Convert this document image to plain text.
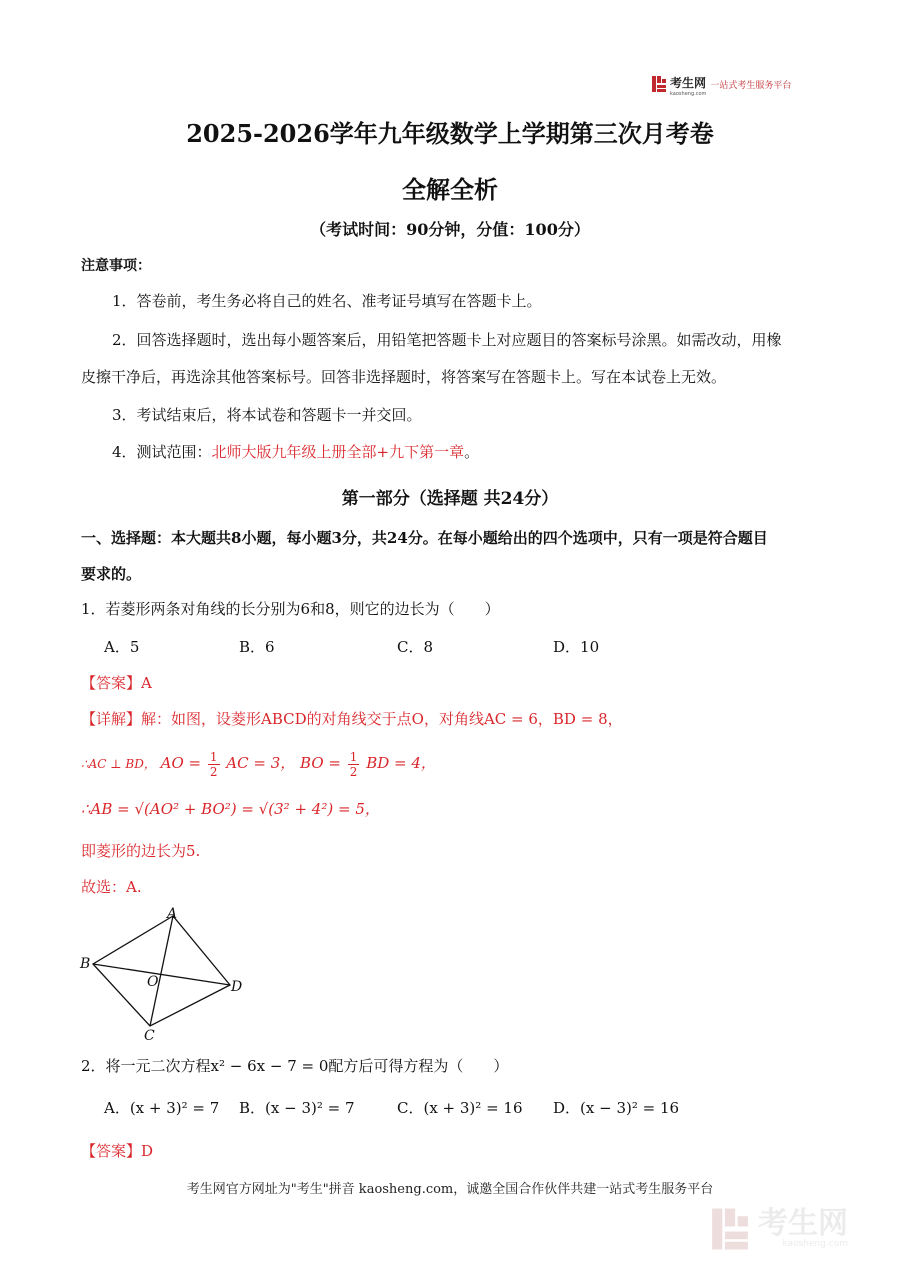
考生网
kaosheng.com
一站式考生服务平台
2025-2026学年九年级数学上学期第三次月考卷
全解全析
（考试时间：90分钟，分值：100分）
注意事项：
1．答卷前，考生务必将自己的姓名、准考证号填写在答题卡上。
2．回答选择题时，选出每小题答案后，用铅笔把答题卡上对应题目的答案标号涂黑。如需改动，用橡
皮擦干净后，再选涂其他答案标号。回答非选择题时，将答案写在答题卡上。写在本试卷上无效。
3．考试结束后，将本试卷和答题卡一并交回。
4．测试范围：北师大版九年级上册全部+九下第一章。
第一部分（选择题 共24分）
一、选择题：本大题共8小题，每小题3分，共24分。在每小题给出的四个选项中，只有一项是符合题目
要求的。
1．若菱形两条对角线的长分别为6和8，则它的边长为（　　）
A．5	B．6	C．8	D．10
【答案】A
【详解】解：如图，设菱形ABCD的对角线交于点O，对角线AC = 6，BD = 8，
∴AC ⊥ BD， AO = $\frac{1}{2}$ AC = 3， BO = $\frac{1}{2}$ BD = 4，
∴AB = √(AO² + BO²) = √(3² + 4²) = 5，
即菱形的边长为5.
故选：A.
A
B
C
D
O
2．将一元二次方程x² − 6x − 7 = 0配方后可得方程为（　　）
A．(x + 3)² = 7 B．(x − 3)² = 7	C．(x + 3)² = 16 D．(x − 3)² = 16
【答案】D
考生网官方网址为"考生"拼音 kaosheng.com，诚邀全国合作伙伴共建一站式考生服务平台
考生网
kaosheng.com
